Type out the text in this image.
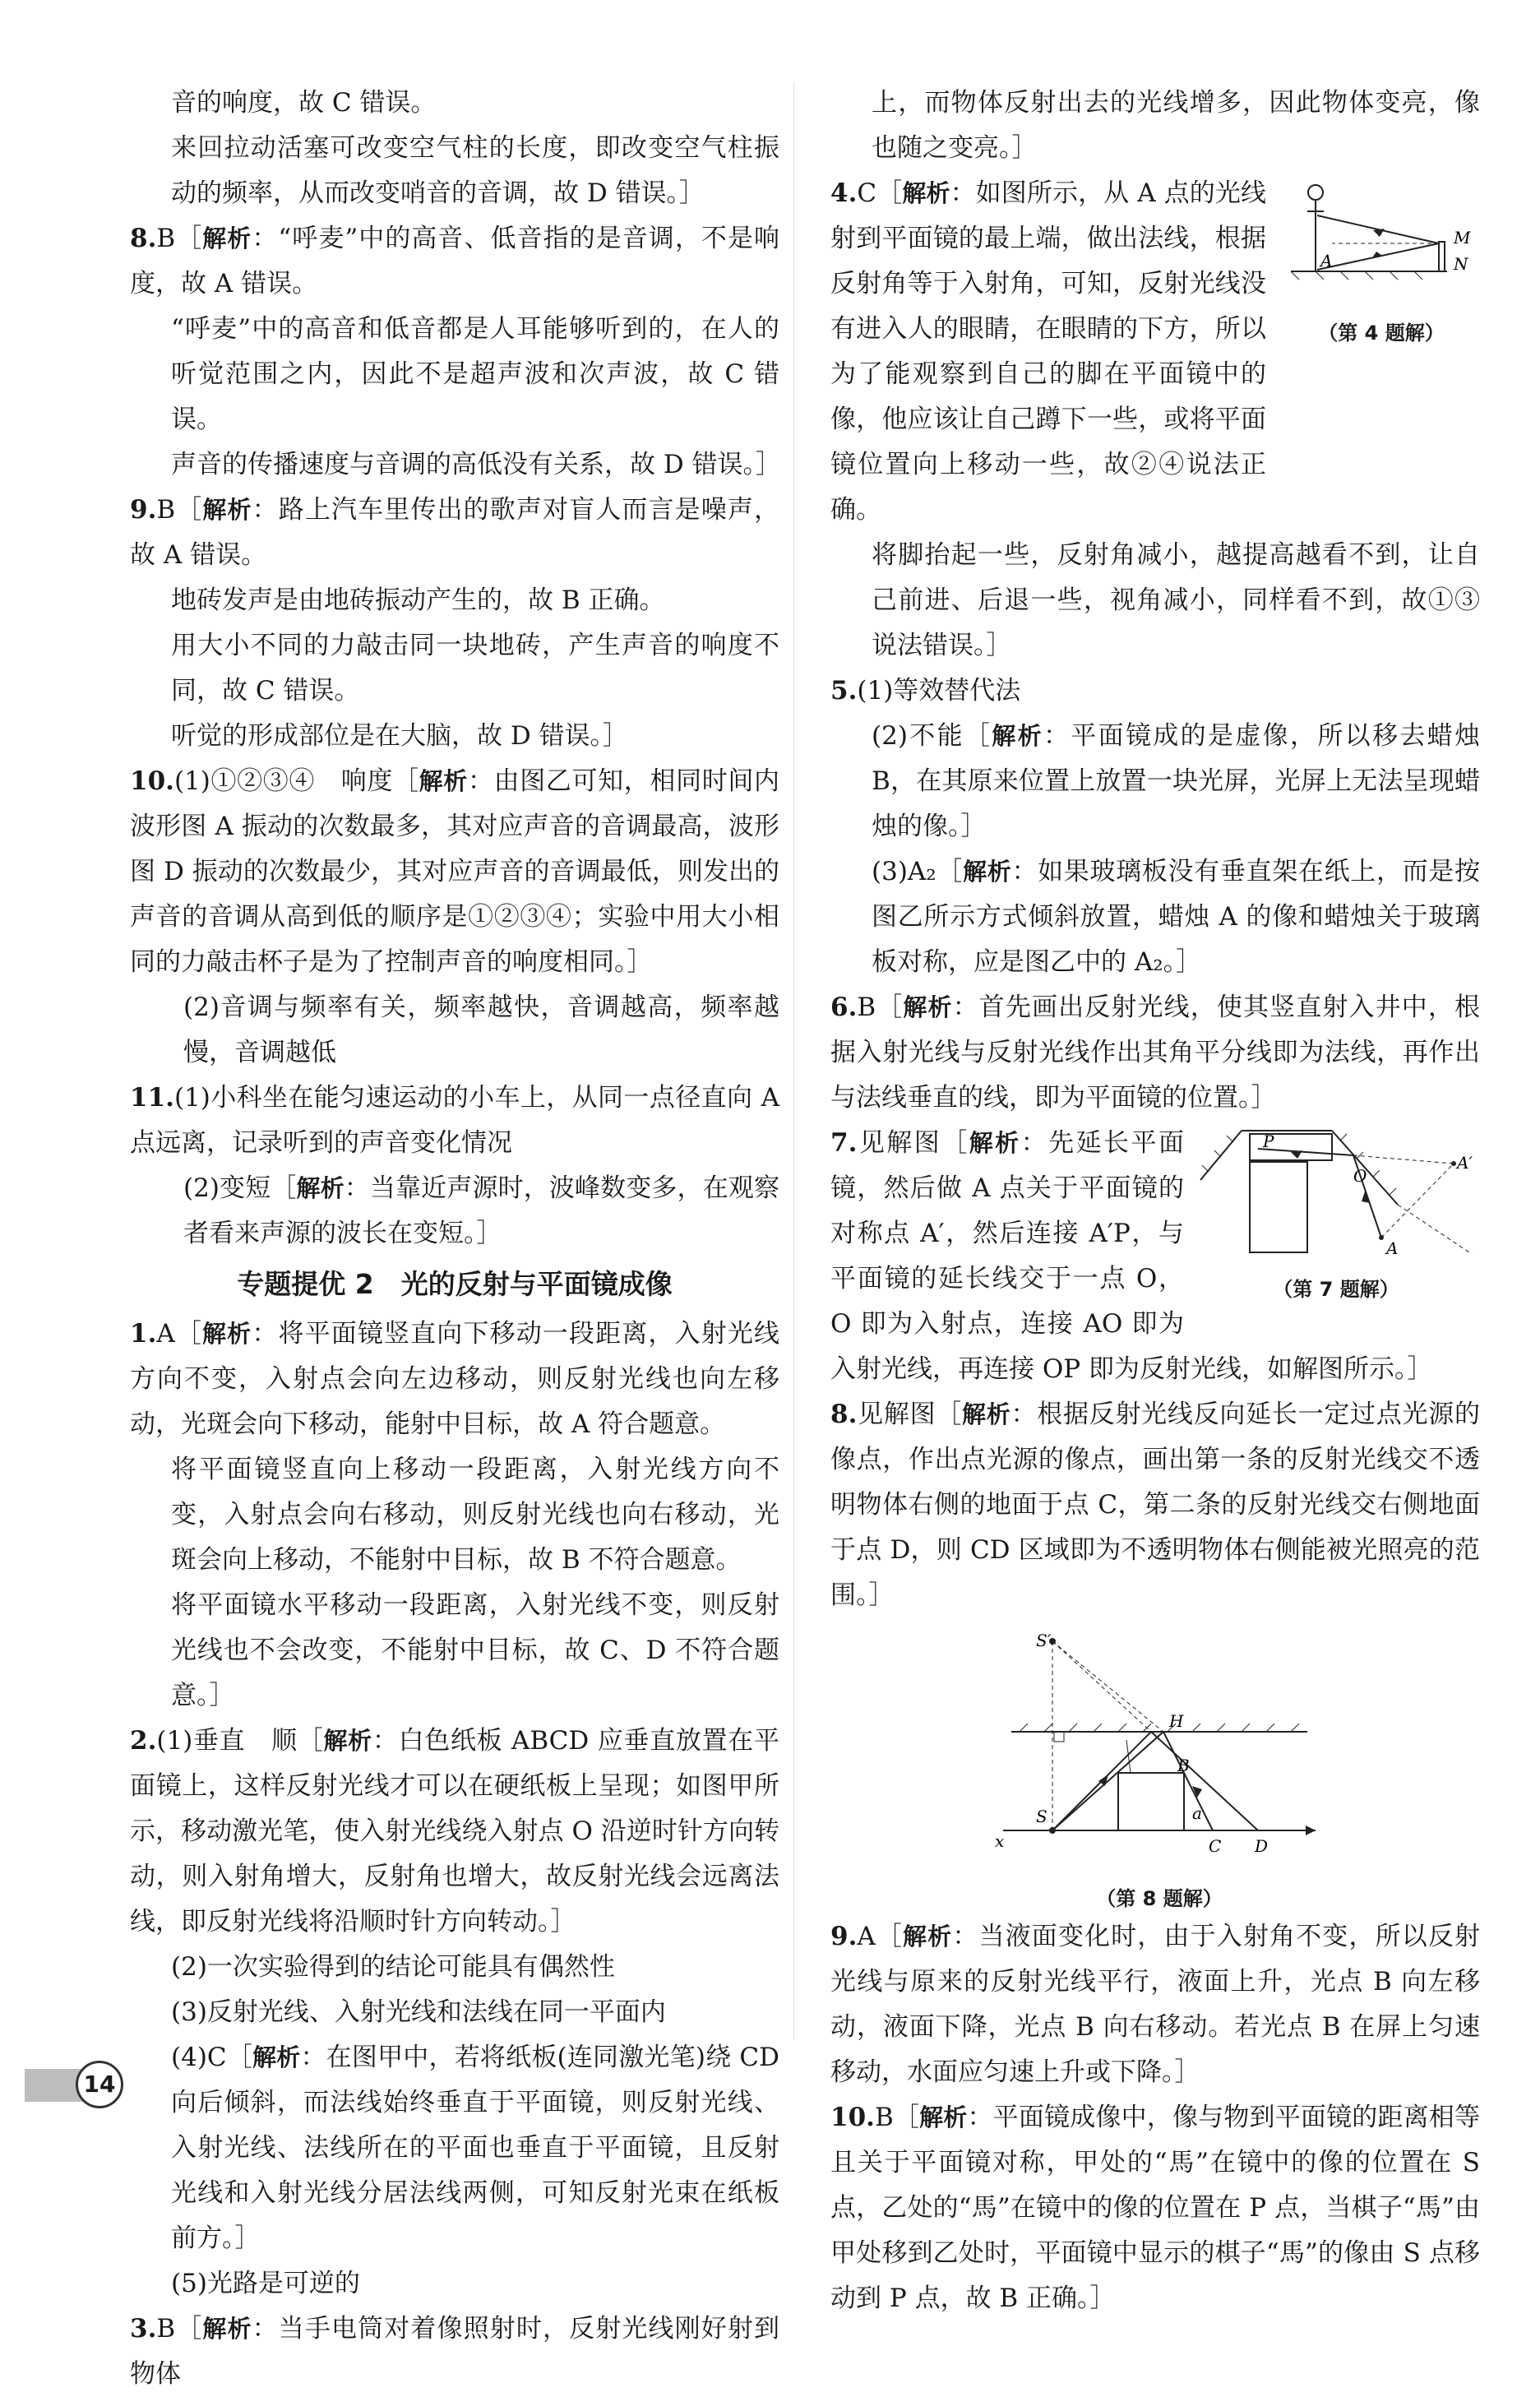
音的响度，故 C 错误。

来回拉动活塞可改变空气柱的长度，即改变空气柱振动的频率，从而改变哨音的音调，故 D 错误。］

8.B［解析：“呼麦”中的高音、低音指的是音调，不是响度，故 A 错误。

“呼麦”中的高音和低音都是人耳能够听到的，在人的听觉范围之内，因此不是超声波和次声波，故 C 错误。

声音的传播速度与音调的高低没有关系，故 D 错误。］

9.B［解析：路上汽车里传出的歌声对盲人而言是噪声，故 A 错误。

地砖发声是由地砖振动产生的，故 B 正确。

用大小不同的力敲击同一块地砖，产生声音的响度不同，故 C 错误。

听觉的形成部位是在大脑，故 D 错误。］

10.(1)①②③④　响度［解析：由图乙可知，相同时间内波形图 A 振动的次数最多，其对应声音的音调最高，波形图 D 振动的次数最少，其对应声音的音调最低，则发出的声音的音调从高到低的顺序是①②③④；实验中用大小相同的力敲击杯子是为了控制声音的响度相同。］

(2)音调与频率有关，频率越快，音调越高，频率越慢，音调越低

11.(1)小科坐在能匀速运动的小车上，从同一点径直向 A 点远离，记录听到的声音变化情况

(2)变短［解析：当靠近声源时，波峰数变多，在观察者看来声源的波长在变短。］

专题提优 2　光的反射与平面镜成像

1.A［解析：将平面镜竖直向下移动一段距离，入射光线方向不变，入射点会向左边移动，则反射光线也向左移动，光斑会向下移动，能射中目标，故 A 符合题意。

将平面镜竖直向上移动一段距离，入射光线方向不变，入射点会向右移动，则反射光线也向右移动，光斑会向上移动，不能射中目标，故 B 不符合题意。

将平面镜水平移动一段距离，入射光线不变，则反射光线也不会改变，不能射中目标，故 C、D 不符合题意。］

2.(1)垂直　顺［解析：白色纸板 ABCD 应垂直放置在平面镜上，这样反射光线才可以在硬纸板上呈现；如图甲所示，移动激光笔，使入射光线绕入射点 O 沿逆时针方向转动，则入射角增大，反射角也增大，故反射光线会远离法线，即反射光线将沿顺时针方向转动。］

(2)一次实验得到的结论可能具有偶然性

(3)反射光线、入射光线和法线在同一平面内

(4)C［解析：在图甲中，若将纸板(连同激光笔)绕 CD 向后倾斜，而法线始终垂直于平面镜，则反射光线、入射光线、法线所在的平面也垂直于平面镜，且反射光线和入射光线分居法线两侧，可知反射光束在纸板前方。］

(5)光路是可逆的

3.B［解析：当手电筒对着像照射时，反射光线刚好射到物体

上，而物体反射出去的光线增多，因此物体变亮，像也随之变亮。］

M
N
A
（第 4 题解）

4.C［解析：如图所示，从 A 点的光线射到平面镜的最上端，做出法线，根据反射角等于入射角，可知，反射光线没有进入人的眼睛，在眼睛的下方，所以为了能观察到自己的脚在平面镜中的像，他应该让自己蹲下一些，或将平面镜位置向上移动一些，故②④说法正确。

将脚抬起一些，反射角减小，越提高越看不到，让自己前进、后退一些，视角减小，同样看不到，故①③说法错误。］

5.(1)等效替代法

(2)不能［解析：平面镜成的是虚像，所以移去蜡烛 B，在其原来位置上放置一块光屏，光屏上无法呈现蜡烛的像。］

(3)A₂［解析：如果玻璃板没有垂直架在纸上，而是按图乙所示方式倾斜放置，蜡烛 A 的像和蜡烛关于玻璃板对称，应是图乙中的 A₂。］

6.B［解析：首先画出反射光线，使其竖直射入井中，根据入射光线与反射光线作出其角平分线即为法线，再作出与法线垂直的线，即为平面镜的位置。］

P
O
A′
A
（第 7 题解）

7.见解图［解析：先延长平面镜，然后做 A 点关于平面镜的对称点 A′，然后连接 A′P，与平面镜的延长线交于一点 O，O 即为入射点，连接 AO 即为入射光线，再连接 OP 即为反射光线，如解图所示。］

8.见解图［解析：根据反射光线反向延长一定过点光源的像点，作出点光源的像点，画出第一条的反射光线交不透明物体右侧的地面于点 C，第二条的反射光线交右侧地面于点 D，则 CD 区域即为不透明物体右侧能被光照亮的范围。］

S′
H
B
S	a
C D
x
（第 8 题解）

9.A［解析：当液面变化时，由于入射角不变，所以反射光线与原来的反射光线平行，液面上升，光点 B 向左移动，液面下降，光点 B 向右移动。若光点 B 在屏上匀速移动，水面应匀速上升或下降。］

10.B［解析：平面镜成像中，像与物到平面镜的距离相等且关于平面镜对称，甲处的“馬”在镜中的像的位置在 S 点，乙处的“馬”在镜中的像的位置在 P 点，当棋子“馬”由甲处移到乙处时，平面镜中显示的棋子“馬”的像由 S 点移动到 P 点，故 B 正确。］

14
